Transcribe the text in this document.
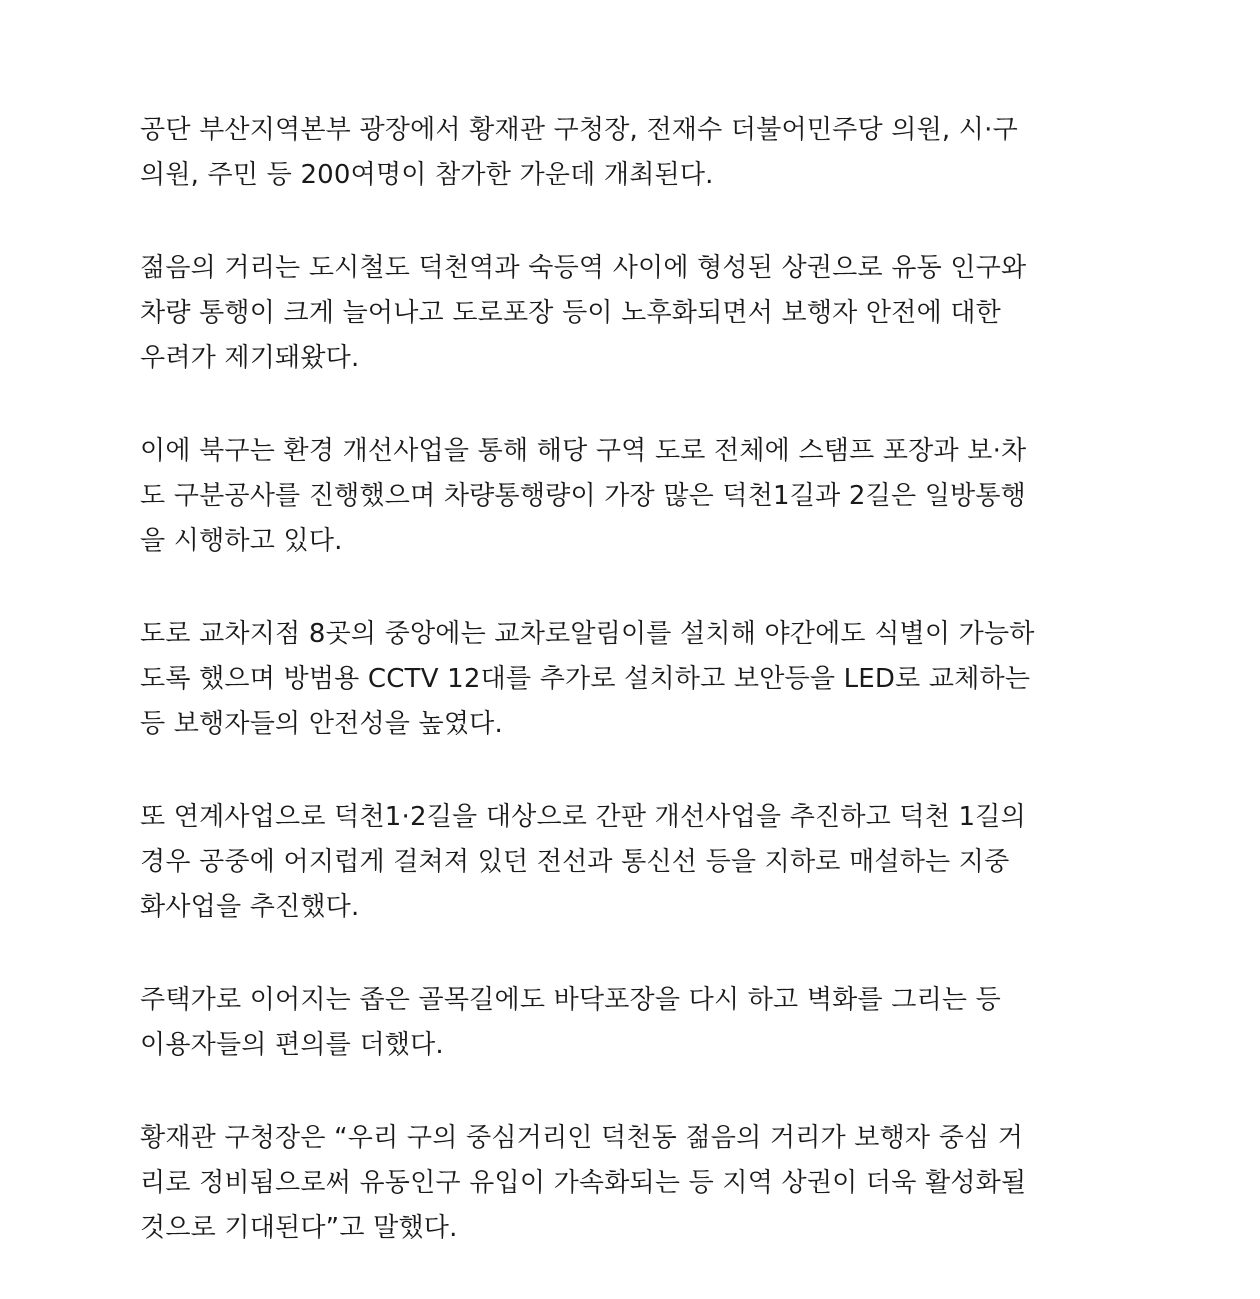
공단 부산지역본부 광장에서 황재관 구청장, 전재수 더불어민주당 의원, 시·구
의원, 주민 등 200여명이 참가한 가운데 개최된다.

젊음의 거리는 도시철도 덕천역과 숙등역 사이에 형성된 상권으로 유동 인구와
차량 통행이 크게 늘어나고 도로포장 등이 노후화되면서 보행자 안전에 대한
우려가 제기돼왔다.

이에 북구는 환경 개선사업을 통해 해당 구역 도로 전체에 스탬프 포장과 보·차
도 구분공사를 진행했으며 차량통행량이 가장 많은 덕천1길과 2길은 일방통행
을 시행하고 있다.

도로 교차지점 8곳의 중앙에는 교차로알림이를 설치해 야간에도 식별이 가능하
도록 했으며 방범용 CCTV 12대를 추가로 설치하고 보안등을 LED로 교체하는
등 보행자들의 안전성을 높였다.

또 연계사업으로 덕천1·2길을 대상으로 간판 개선사업을 추진하고 덕천 1길의
경우 공중에 어지럽게 걸쳐져 있던 전선과 통신선 등을 지하로 매설하는 지중
화사업을 추진했다.

주택가로 이어지는 좁은 골목길에도 바닥포장을 다시 하고 벽화를 그리는 등
이용자들의 편의를 더했다.

황재관 구청장은 “우리 구의 중심거리인 덕천동 젊음의 거리가 보행자 중심 거
리로 정비됨으로써 유동인구 유입이 가속화되는 등 지역 상권이 더욱 활성화될
것으로 기대된다”고 말했다.
